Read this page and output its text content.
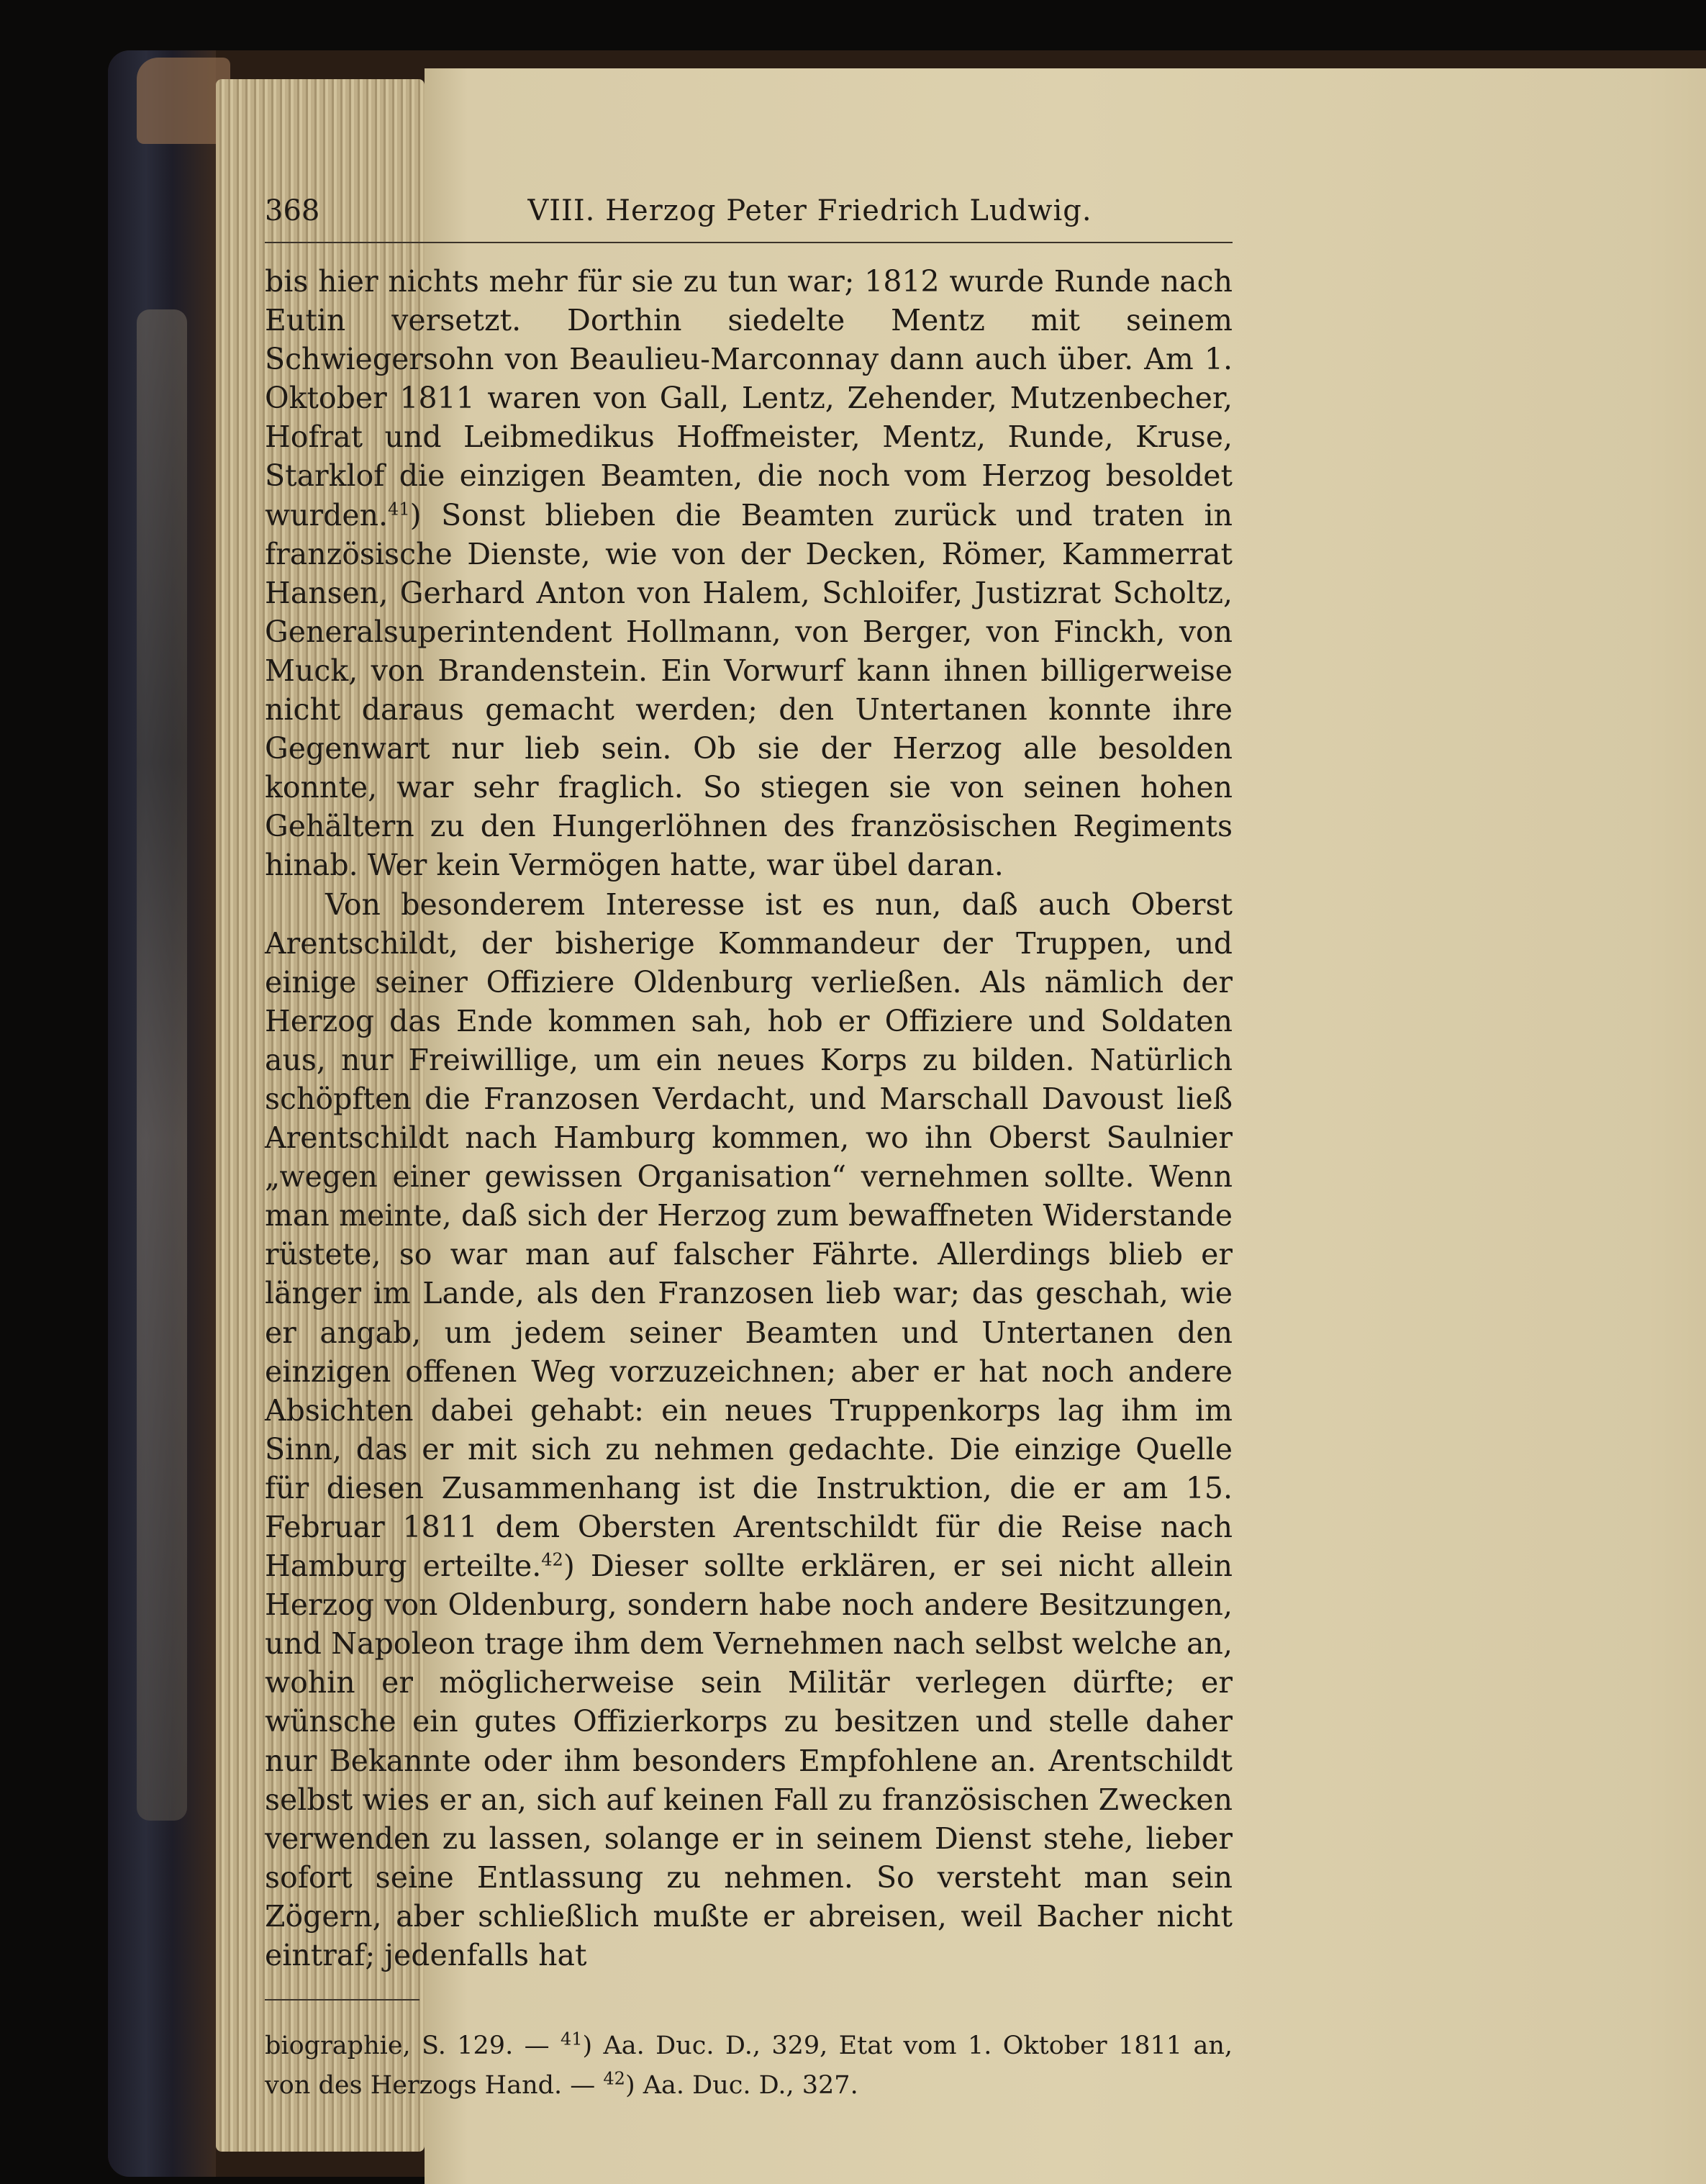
368	VIII. Herzog Peter Friedrich Ludwig.

bis hier nichts mehr für sie zu tun war; 1812 wurde Runde nach Eutin versetzt. Dorthin siedelte Mentz mit seinem Schwiegersohn von Beaulieu-Marconnay dann auch über. Am 1. Oktober 1811 waren von Gall, Lentz, Zehender, Mutzenbecher, Hofrat und Leibmedikus Hoffmeister, Mentz, Runde, Kruse, Starklof die einzigen Beamten, die noch vom Herzog besoldet wurden.$^{41}$) Sonst blieben die Beamten zurück und traten in französische Dienste, wie von der Decken, Römer, Kammerrat Hansen, Gerhard Anton von Halem, Schloifer, Justizrat Scholtz, Generalsuperintendent Hollmann, von Berger, von Finckh, von Muck, von Brandenstein. Ein Vorwurf kann ihnen billigerweise nicht daraus gemacht werden; den Untertanen konnte ihre Gegenwart nur lieb sein. Ob sie der Herzog alle besolden konnte, war sehr fraglich. So stiegen sie von seinen hohen Gehältern zu den Hungerlöhnen des französischen Regiments hinab. Wer kein Vermögen hatte, war übel daran.

Von besonderem Interesse ist es nun, daß auch Oberst Arentschildt, der bisherige Kommandeur der Truppen, und einige seiner Offiziere Oldenburg verließen. Als nämlich der Herzog das Ende kommen sah, hob er Offiziere und Soldaten aus, nur Freiwillige, um ein neues Korps zu bilden. Natürlich schöpften die Franzosen Verdacht, und Marschall Davoust ließ Arentschildt nach Hamburg kommen, wo ihn Oberst Saulnier „wegen einer gewissen Organisation“ vernehmen sollte. Wenn man meinte, daß sich der Herzog zum bewaffneten Widerstande rüstete, so war man auf falscher Fährte. Allerdings blieb er länger im Lande, als den Franzosen lieb war; das geschah, wie er angab, um jedem seiner Beamten und Untertanen den einzigen offenen Weg vorzuzeichnen; aber er hat noch andere Absichten dabei gehabt: ein neues Truppenkorps lag ihm im Sinn, das er mit sich zu nehmen gedachte. Die einzige Quelle für diesen Zusammenhang ist die Instruktion, die er am 15. Februar 1811 dem Obersten Arentschildt für die Reise nach Hamburg erteilte.$^{42}$) Dieser sollte erklären, er sei nicht allein Herzog von Oldenburg, sondern habe noch andere Besitzungen, und Napoleon trage ihm dem Vernehmen nach selbst welche an, wohin er möglicherweise sein Militär verlegen dürfte; er wünsche ein gutes Offizierkorps zu besitzen und stelle daher nur Bekannte oder ihm besonders Empfohlene an. Arentschildt selbst wies er an, sich auf keinen Fall zu französischen Zwecken verwenden zu lassen, solange er in seinem Dienst stehe, lieber sofort seine Entlassung zu nehmen. So versteht man sein Zögern, aber schließlich mußte er abreisen, weil Bacher nicht eintraf; jedenfalls hat

biographie, S. 129. — $^{41}$) Aa. Duc. D., 329, Etat vom 1. Oktober 1811 an, von des Herzogs Hand. — $^{42}$) Aa. Duc. D., 327.
